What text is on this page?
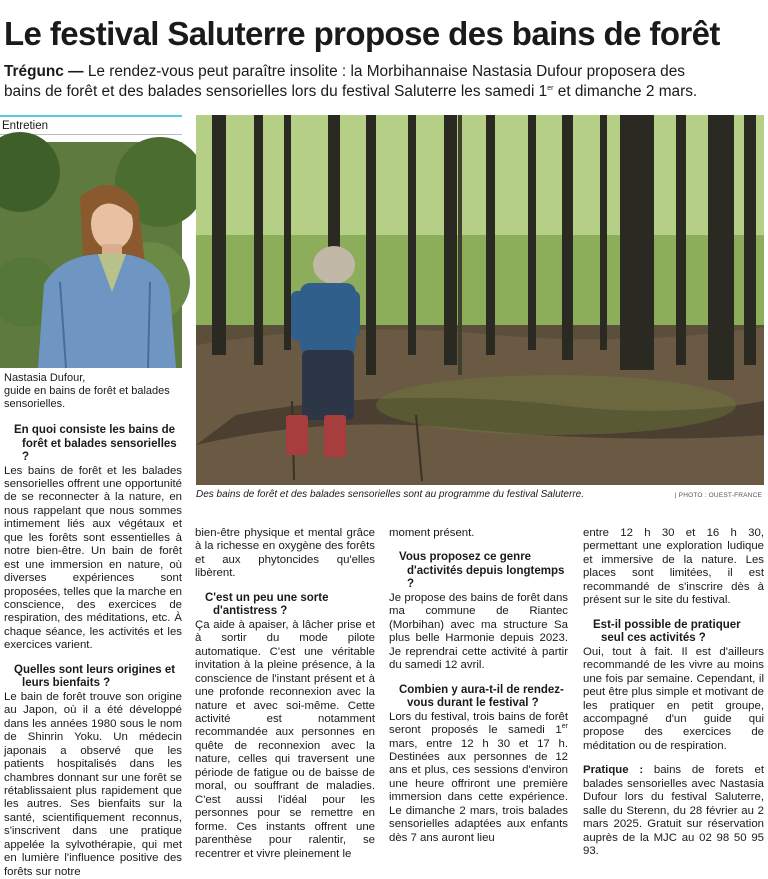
Le festival Saluterre propose des bains de forêt

Trégunc — Le rendez-vous peut paraître insolite : la Morbihannaise Nastasia Dufour proposera des
bains de forêt et des balades sensorielles lors du festival Saluterre les samedi 1er et dimanche 2 mars.

Entretien
Nastasia Dufour,
guide en bains de forêt et balades sensorielles.
Des bains de forêt et des balades sensorielles sont au programme du festival Saluterre.	| PHOTO : OUEST-FRANCE
En quoi consiste les bains de forêt et balades sensorielles ?

Les bains de forêt et les balades sensorielles offrent une opportunité de se reconnecter à la nature, en nous rappelant que nous sommes intimement liés aux végétaux et que les forêts sont essentielles à notre bien-être. Un bain de forêt est une immersion en nature, où diverses expériences sont proposées, telles que la marche en conscience, des exercices de respiration, des méditations, etc. À chaque séance, les activités et les exercices varient.

Quelles sont leurs origines et leurs bienfaits ?

Le bain de forêt trouve son origine au Japon, où il a été développé dans les années 1980 sous le nom de Shinrin Yoku. Un médecin japonais a observé que les patients hospitalisés dans les chambres donnant sur une forêt se rétablissaient plus rapidement que les autres. Ses bienfaits sur la santé, scientifiquement reconnus, s'inscrivent dans une pratique appelée la sylvothérapie, qui met en lumière l'influence positive des forêts sur notre

bien-être physique et mental grâce à la richesse en oxygène des forêts et aux phytoncides qu'elles libèrent.

C'est un peu une sorte d'antistress ?

Ça aide à apaiser, à lâcher prise et à sortir du mode pilote automatique. C'est une véritable invitation à la pleine présence, à la conscience de l'instant présent et à une profonde reconnexion avec la nature et avec soi-même. Cette activité est notamment recommandée aux personnes en quête de reconnexion avec la nature, celles qui traversent une période de fatigue ou de baisse de moral, ou souffrant de maladies. C'est aussi l'idéal pour les personnes pour se remettre en forme. Ces instants offrent une parenthèse pour ralentir, se recentrer et vivre pleinement le

moment présent.

Vous proposez ce genre d'activités depuis longtemps ?

Je propose des bains de forêt dans ma commune de Riantec (Morbihan) avec ma structure Sa plus belle Harmonie depuis 2023. Je reprendrai cette activité à partir du samedi 12 avril.

Combien y aura-t-il de rendez-vous durant le festival ?

Lors du festival, trois bains de forêt seront proposés le samedi 1er mars, entre 12 h 30 et 17 h. Destinées aux personnes de 12 ans et plus, ces sessions d'environ une heure offriront une première immersion dans cette expérience. Le dimanche 2 mars, trois balades sensorielles adaptées aux enfants dès 7 ans auront lieu

entre 12 h 30 et 16 h 30, permettant une exploration ludique et immersive de la nature. Les places sont limitées, il est recommandé de s'inscrire dès à présent sur le site du festival.

Est-il possible de pratiquer seul ces activités ?

Oui, tout à fait. Il est d'ailleurs recommandé de les vivre au moins une fois par semaine. Cependant, il peut être plus simple et motivant de les pratiquer en petit groupe, accompagné d'un guide qui propose des exercices de méditation ou de respiration.

Pratique : bains de forets et balades sensorielles avec Nastasia Dufour lors du festival Saluterre, salle du Sterenn, du 28 février au 2 mars 2025. Gratuit sur réservation auprès de la MJC au 02 98 50 95 93.
